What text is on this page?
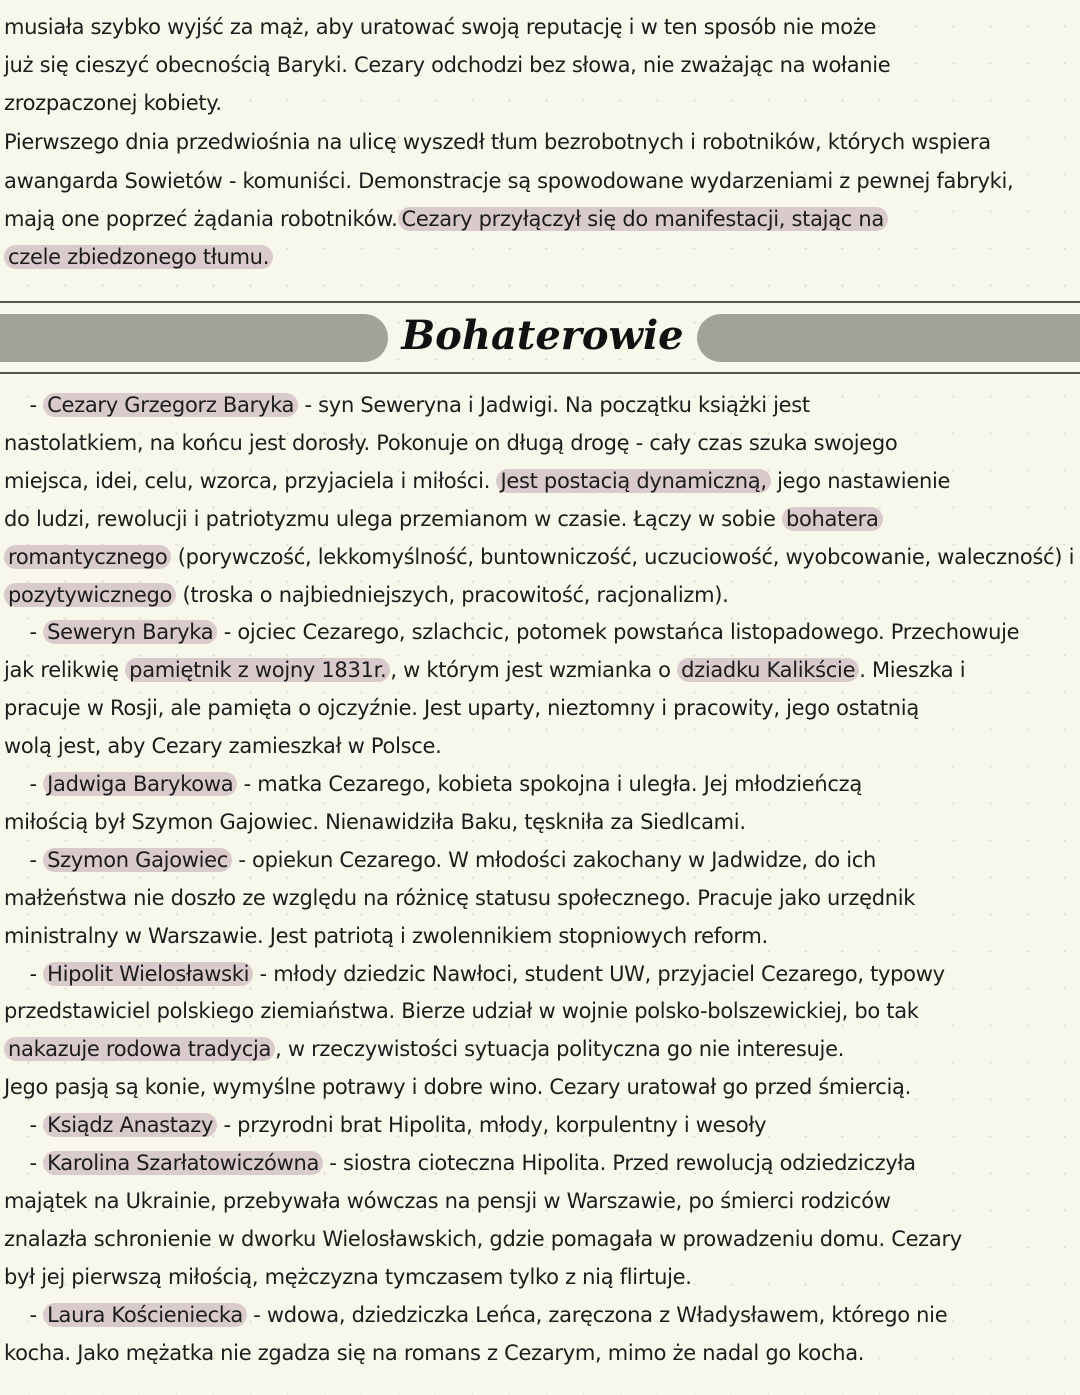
musiała szybko wyjść za mąż, aby uratować swoją reputację i w ten sposób nie może
już się cieszyć obecnością Baryki. Cezary odchodzi bez słowa, nie zważając na wołanie
zrozpaczonej kobiety.
Pierwszego dnia przedwiośnia na ulicę wyszedł tłum bezrobotnych i robotników, których wspiera
awangarda Sowietów - komuniści. Demonstracje są spowodowane wydarzeniami z pewnej fabryki,
mają one poprzeć żądania robotników. Cezary przyłączył się do manifestacji, stając na
czele zbiedzonego tłumu.
Bohaterowie
- Cezary Grzegorz Baryka - syn Seweryna i Jadwigi. Na początku książki jest
nastolatkiem, na końcu jest dorosły. Pokonuje on długą drogę - cały czas szuka swojego
miejsca, idei, celu, wzorca, przyjaciela i miłości. Jest postacią dynamiczną, jego nastawienie
do ludzi, rewolucji i patriotyzmu ulega przemianom w czasie. Łączy w sobie bohatera
romantycznego (porywczość, lekkomyślność, buntowniczość, uczuciowość, wyobcowanie, waleczność) i
pozytywicznego (troska o najbiedniejszych, pracowitość, racjonalizm).
- Seweryn Baryka - ojciec Cezarego, szlachcic, potomek powstańca listopadowego. Przechowuje
jak relikwię pamiętnik z wojny 1831r. , w którym jest wzmianka o dziadku Kalikście . Mieszka i
pracuje w Rosji, ale pamięta o ojczyźnie. Jest uparty, nieztomny i pracowity, jego ostatnią
wolą jest, aby Cezary zamieszkał w Polsce.
- Jadwiga Barykowa - matka Cezarego, kobieta spokojna i uległa. Jej młodzieńczą
miłością był Szymon Gajowiec. Nienawidziła Baku, tęskniła za Siedlcami.
- Szymon Gajowiec - opiekun Cezarego. W młodości zakochany w Jadwidze, do ich
małżeństwa nie doszło ze względu na różnicę statusu społecznego. Pracuje jako urzędnik
ministralny w Warszawie. Jest patriotą i zwolennikiem stopniowych reform.
- Hipolit Wielosławski - młody dziedzic Nawłoci, student UW, przyjaciel Cezarego, typowy
przedstawiciel polskiego ziemiaństwa. Bierze udział w wojnie polsko-bolszewickiej, bo tak
nakazuje rodowa tradycja , w rzeczywistości sytuacja polityczna go nie interesuje.
Jego pasją są konie, wymyślne potrawy i dobre wino. Cezary uratował go przed śmiercią.
- Ksiądz Anastazy - przyrodni brat Hipolita, młody, korpulentny i wesoły
- Karolina Szarłatowiczówna - siostra cioteczna Hipolita. Przed rewolucją odziedziczyła
majątek na Ukrainie, przebywała wówczas na pensji w Warszawie, po śmierci rodziców
znalazła schronienie w dworku Wielosławskich, gdzie pomagała w prowadzeniu domu. Cezary
był jej pierwszą miłością, mężczyzna tymczasem tylko z nią flirtuje.
- Laura Kościeniecka - wdowa, dziedziczka Leńca, zaręczona z Władysławem, którego nie
kocha. Jako mężatka nie zgadza się na romans z Cezarym, mimo że nadal go kocha.
